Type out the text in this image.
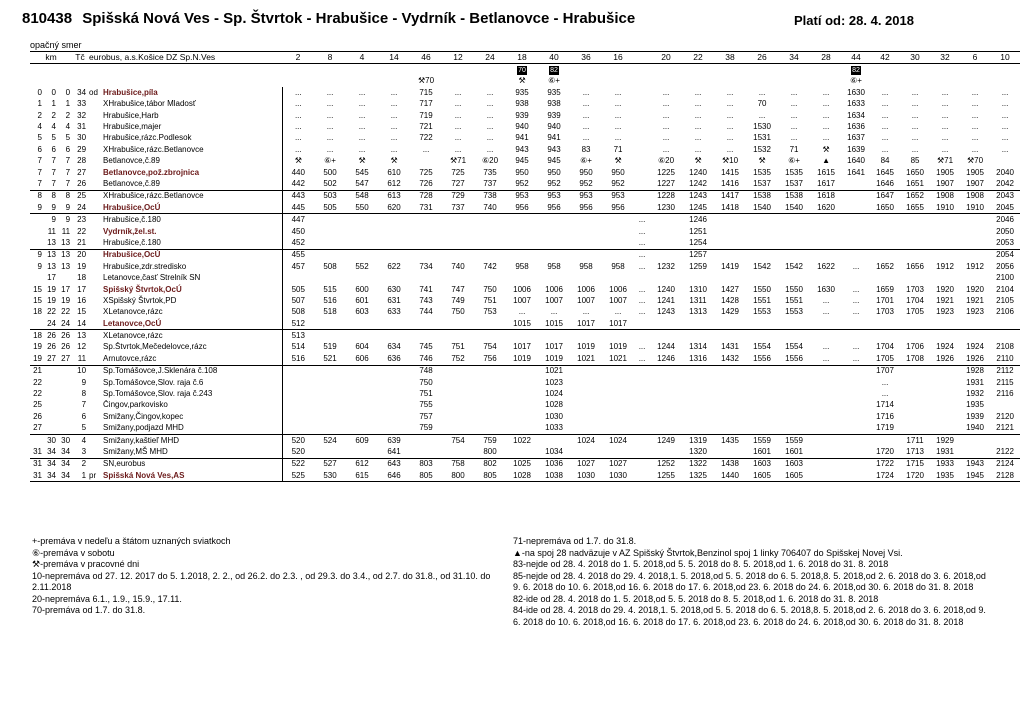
810438 Spišská Nová Ves - Sp. Štvrtok - Hrabušice - Vydrník - Betlanovce - Hrabušice	Platí od: 28. 4. 2018
opačný smer
km			Tč	eurobus, a.s.Košice DZ Sp.N.Ves		2	8	4	14	46	12	24	18	40	36	16		20	22	38	26	34	28	44	42	30	32	6	10
													70	82										82					
										⚒70			⚒	⑥+										⑥+					
0	0	0	34	od	Hrabušice,píla	...	...	...	...	715	...	...	935	935	...	...		...	...	...	...	...	...	1630	...	...	...	...	...
1	1	1	33		XHrabušice,tábor Mladosť	...	...	...	...	717	...	...	938	938	...	...		...	...	...	70	...	...	1633	...	...	...	...	...
2	2	2	32		Hrabušice,Harb	...	...	...	...	719	...	...	939	939	...	...		...	...	...	...	...	...	1634	...	...	...	...	...
4	4	4	31		Hrabušice,majer	...	...	...	...	721	...	...	940	940	...	...		...	...	...	1530	...	...	1636	...	...	...	...	...
5	5	5	30		Hrabušice,rázc.Podlesok	...	...	...	...	722	...	...	941	941	...	...		...	...	...	1531	...	...	1637	...	...	...	...	...
6	6	6	29		XHrabušice,rázc.Betlanovce	...	...	...	...	...	...	...	943	943	83	71		...	...	...	1532	71	⚒	1639	...	...	...	...	...
7	7	7	28		Betlanovce,č.89	⚒	⑥+	⚒	⚒		⚒71	⑥20	945	945	⑥+	⚒		⑥20	⚒	⚒10	⚒	⑥+	▲	1640	84	85	⚒71	⚒70	
7	7	7	27		Betlanovce,pož.zbrojnica	440	500	545	610	725	725	735	950	950	950	950		1225	1240	1415	1535	1535	1615	1641	1645	1650	1905	1905	2040
7	7	7	26		Betlanovce,č.89	442	502	547	612	726	727	737	952	952	952	952		1227	1242	1416	1537	1537	1617		1646	1651	1907	1907	2042
8	8	8	25		XHrabušice,rázc.Betlanovce	443	503	548	613	728	729	738	953	953	953	953		1228	1243	1417	1538	1538	1618		1647	1652	1908	1908	2043
9	9	9	24		Hrabušice,OcÚ	445	505	550	620	731	737	740	956	956	956	956		1230	1245	1418	1540	1540	1620		1650	1655	1910	1910	2045
	9	9	23		Hrabušice,č.180	447											...		1246										2046
	11	11	22		Vydrník,žel.st.	450											...		1251										2050
	13	13	21		Hrabušice,č.180	452											...		1254										2053
9	13	13	20		Hrabušice,OcÚ	455											...		1257										2054
9	13	13	19		Hrabušice,zdr.stredisko	457	508	552	622	734	740	742	958	958	958	958	...	1232	1259	1419	1542	1542	1622	...	1652	1656	1912	1912	2056
	17		18		Letanovce,časť Strelník SN																								2100
15	19	17	17		Spišský Štvrtok,OcÚ	505	515	600	630	741	747	750	1006	1006	1006	1006	...	1240	1310	1427	1550	1550	1630	...	1659	1703	1920	1920	2104
15	19	19	16		XSpišský Štvrtok,PD	507	516	601	631	743	749	751	1007	1007	1007	1007	...	1241	1311	1428	1551	1551	...	...	1701	1704	1921	1921	2105
18	22	22	15		XLetanovce,rázc	508	518	603	633	744	750	753	...	...	...	...	...	1243	1313	1429	1553	1553	...	...	1703	1705	1923	1923	2106
	24	24	14		Letanovce,OcÚ	512							1015	1015	1017	1017													
18	26	26	13		XLetanovce,rázc	513																							
19	26	26	12		Sp.Štvrtok,Mečedelovce,rázc	514	519	604	634	745	751	754	1017	1017	1019	1019	...	1244	1314	1431	1554	1554	...	...	1704	1706	1924	1924	2108
19	27	27	11		Arnutovce,rázc	516	521	606	636	746	752	756	1019	1019	1021	1021	...	1246	1316	1432	1556	1556	...	...	1705	1708	1926	1926	2110
21			10		Sp.Tomášovce,J.Sklenára č.108					748				1021											1707			1928	2112
22			9		Sp.Tomášovce,Slov. raja č.6					750				1023											...			1931	2115
22			8		Sp.Tomášovce,Slov. raja č.243					751				1024											...			1932	2116
25			7		Čingov,parkovisko					755				1028											1714			1935	
26			6		Smižany,Čingov,kopec					757				1030											1716			1939	2120
27			5		Smižany,podjazd MHD					759				1033											1719			1940	2121
	30	30	4		Smižany,kaštieľ MHD	520	524	609	639		754	759	1022		1024	1024		1249	1319	1435	1559	1559				1711	1929		
31	34	34	3		Smižany,MŠ MHD	520			641			800		1034					1320		1601	1601			1720	1713	1931		2122
31	34	34	2		SN,eurobus	522	527	612	643	803	758	802	1025	1036	1027	1027		1252	1322	1438	1603	1603			1722	1715	1933	1943	2124
31	34	34	1	pr	Spišská Nová Ves,AS	525	530	615	646	805	800	805	1028	1038	1030	1030		1255	1325	1440	1605	1605			1724	1720	1935	1945	2128

+-premáva v nedeľu a štátom uznaných sviatkoch

⑥-premáva v sobotu

⚒-premáva v pracovné dni

10-nepremáva od 27. 12. 2017 do 5. 1.2018, 2. 2., od 26.2. do 2.3. , od 29.3. do 3.4., od 2.7. do 31.8., od 31.10. do 2.11.2018

20-nepremáva 6.1., 1.9., 15.9., 17.11.

70-premáva od 1.7. do 31.8.

71-nepremáva od 1.7. do 31.8.

▲-na spoj 28 nadväzuje v AZ Spišský Štvrtok,Benzinol spoj 1 linky 706407 do Spišskej Novej Vsi.

83-nejde od 28. 4. 2018 do 1. 5. 2018,od 5. 5. 2018 do 8. 5. 2018,od 1. 6. 2018 do 31. 8. 2018

85-nejde od 28. 4. 2018 do 29. 4. 2018,1. 5. 2018,od 5. 5. 2018 do 6. 5. 2018,8. 5. 2018,od 2. 6. 2018 do 3. 6. 2018,od 9. 6. 2018 do 10. 6. 2018,od 16. 6. 2018 do 17. 6. 2018,od 23. 6. 2018 do 24. 6. 2018,od 30. 6. 2018 do 31. 8. 2018

82-ide od 28. 4. 2018 do 1. 5. 2018,od 5. 5. 2018 do 8. 5. 2018,od 1. 6. 2018 do 31. 8. 2018

84-ide od 28. 4. 2018 do 29. 4. 2018,1. 5. 2018,od 5. 5. 2018 do 6. 5. 2018,8. 5. 2018,od 2. 6. 2018 do 3. 6. 2018,od 9. 6. 2018 do 10. 6. 2018,od 16. 6. 2018 do 17. 6. 2018,od 23. 6. 2018 do 24. 6. 2018,od 30. 6. 2018 do 31. 8. 2018
